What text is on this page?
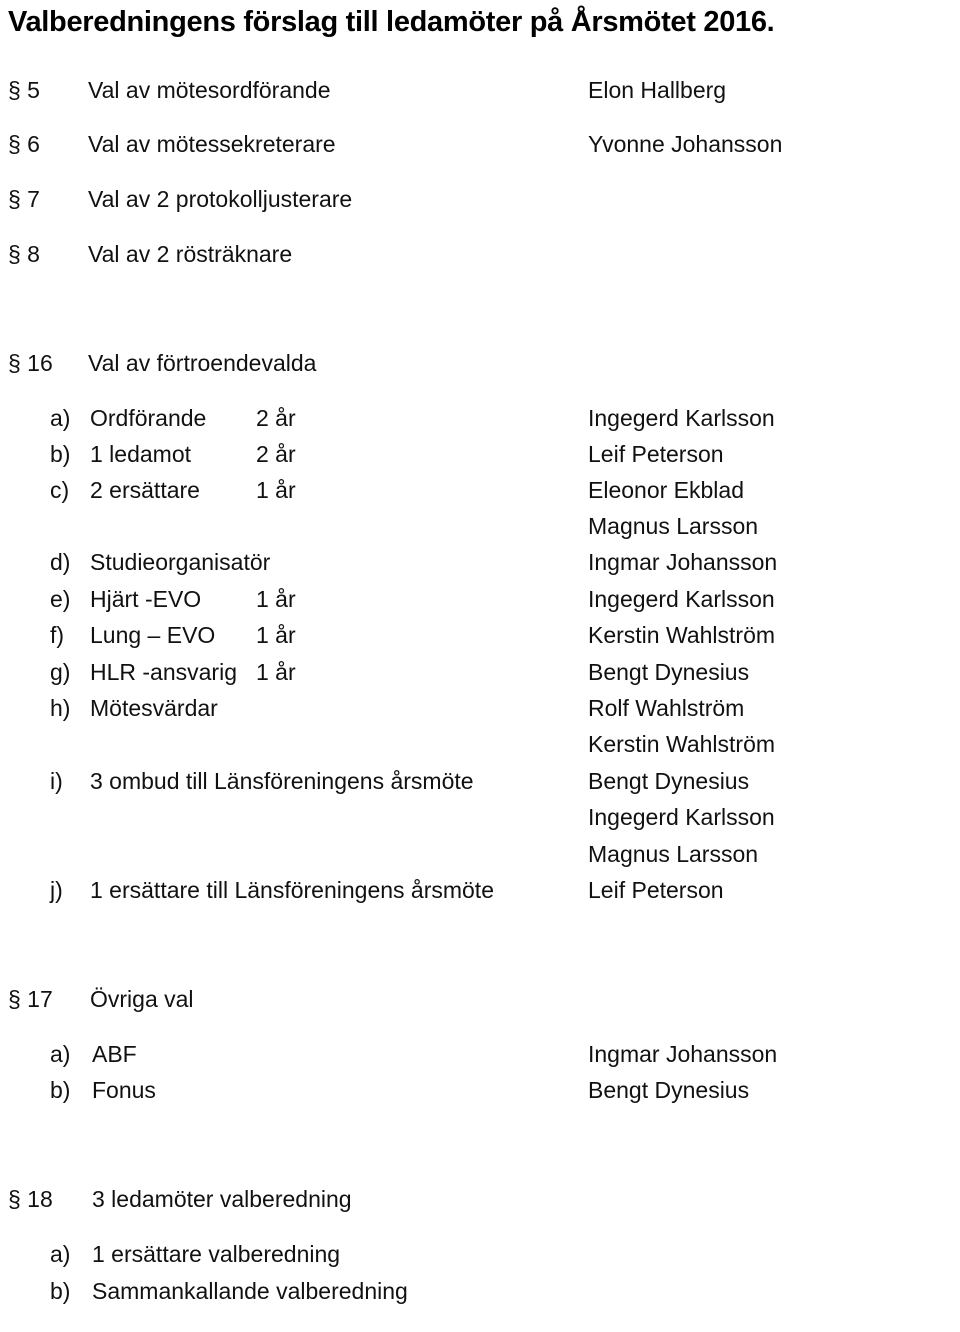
Valberedningens förslag till ledamöter på Årsmötet 2016.
§ 5 Val av mötesordförande	Elon Hallberg
§ 6 Val av mötessekreterare	Yvonne Johansson
§ 7 Val av 2 protokolljusterare
§ 8 Val av 2 rösträknare
§ 16 Val av förtroendevalda
a) Ordförande 2 år	Ingegerd Karlsson
b) 1 ledamot	2 år	Leif Peterson
c) 2 ersättare 1 år	Eleonor Ekblad
Magnus Larsson
d) Studieorganisatör	Ingmar Johansson
e) Hjärt -EVO 1 år	Ingegerd Karlsson
f) Lung – EVO 1 år	Kerstin Wahlström
g) HLR -ansvarig 1 år	Bengt Dynesius
h) Mötesvärdar	Rolf Wahlström
Kerstin Wahlström
i) 3 ombud till Länsföreningens årsmöte	Bengt Dynesius
Ingegerd Karlsson
Magnus Larsson
j) 1 ersättare till Länsföreningens årsmöte	Leif Peterson
§ 17 Övriga val
a) ABF	Ingmar Johansson
b) Fonus	Bengt Dynesius
§ 18 3 ledamöter valberedning
a) 1 ersättare valberedning
b) Sammankallande valberedning
